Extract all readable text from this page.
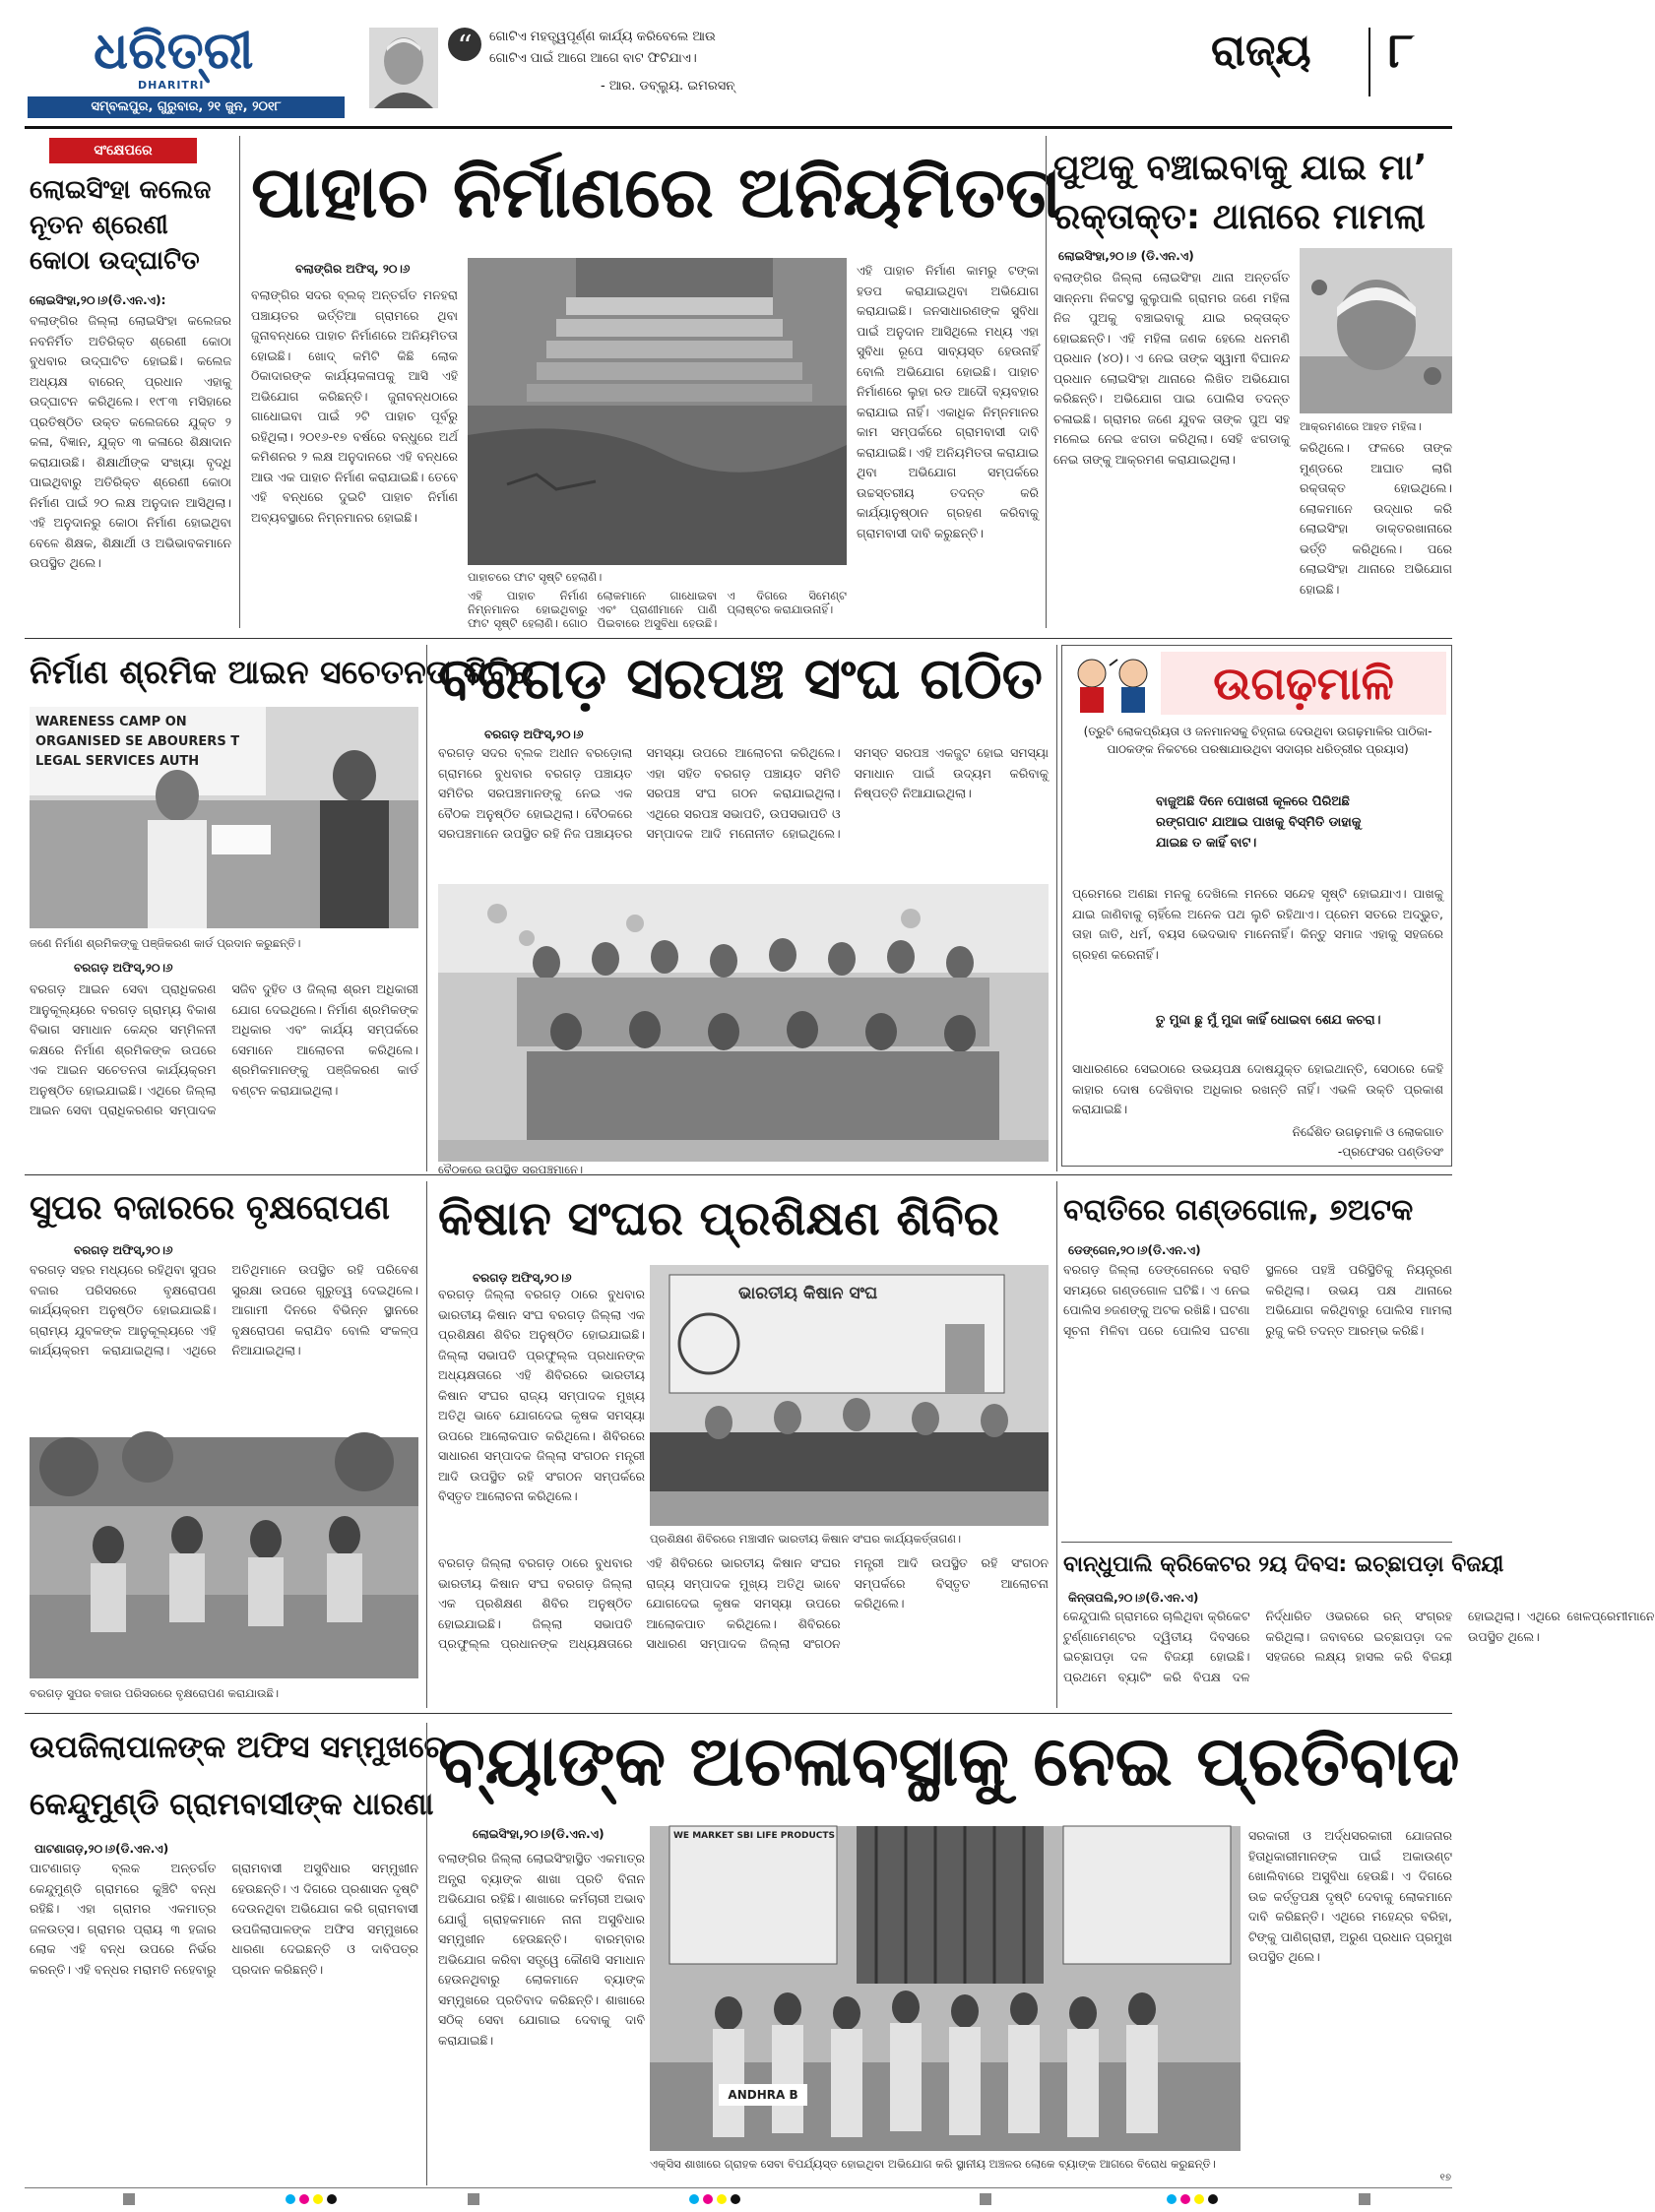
ଧରିତ୍ରୀ
DHARITRI
ସମ୍ବଲପୁର, ଗୁରୁବାର, ୨୧ ଜୁନ, ୨୦୧୮
“	ଗୋଟିଏ ମହତ୍ତ୍ୱପୂର୍ଣ୍ଣ କାର୍ଯ୍ୟ କରିବେଲେ ଆଉ
ଗୋଟିଏ ପାଇଁ ଆଗେ ଆଗେ ବାଟ ଫିଟିଯାଏ।
- ଆର. ଡବ୍ଲ୍ୟୁ. ଇମରସନ୍
ରାଜ୍ୟ ୮
ସଂକ୍ଷେପରେ
ଲୋଇସିଂହା କଲେଜ ନୂତନ ଶ୍ରେଣୀ କୋଠା ଉଦ୍‌ଘାଟିତ
ଲୋଇସିଂହା,୨୦।୬(ଡି.ଏନ.ଏ):
ବଲାଙ୍ଗିର ଜିଲ୍ଲା ଲୋଇସିଂହା କଲେଜର ନବନିର୍ମିତ ଅତିରିକ୍ତ ଶ୍ରେଣୀ କୋଠା ବୁଧବାର ଉଦ୍‌ଘାଟିତ ହୋଇଛି। କଲେଜ ଅଧ୍ୟକ୍ଷ ବାରେନ୍ ପ୍ରଧାନ ଏହାକୁ ଉଦ୍‌ଘାଟନ କରିଥିଲେ। ୧୯୮୩ ମସିହାରେ ପ୍ରତିଷ୍ଠିତ ଉକ୍ତ କଲେଜରେ ଯୁକ୍ତ ୨ କଳା, ବିଜ୍ଞାନ, ଯୁକ୍ତ ୩ କଳାରେ ଶିକ୍ଷାଦାନ କରାଯାଉଛି। ଶିକ୍ଷାର୍ଥୀଙ୍କ ସଂଖ୍ୟା ବୃଦ୍ଧି ପାଇଥିବାରୁ ଅତିରିକ୍ତ ଶ୍ରେଣୀ କୋଠା ନିର୍ମାଣ ପାଇଁ ୨୦ ଲକ୍ଷ ଅନୁଦାନ ଆସିଥିଲା। ଏହି ଅନୁଦାନରୁ କୋଠା ନିର୍ମାଣ ହୋଇଥିବା ବେଳେ ଶିକ୍ଷକ, ଶିକ୍ଷାର୍ଥୀ ଓ ଅଭିଭାବକମାନେ ଉପସ୍ଥିତ ଥିଲେ।
ପାହାଚ ନିର୍ମାଣରେ ଅନିୟମିତତା
ବଲାଙ୍ଗିର ଅଫିସ୍, ୨୦।୬
ବଲାଙ୍ଗିର ସଦର ବ୍ଲକ୍ ଅନ୍ତର୍ଗତ ମନହରା ପଞ୍ଚାୟତର ଭର୍ତ୍ତିଆ ଗ୍ରାମରେ ଥିବା ଜୁନାବନ୍ଧରେ ପାହାଚ ନିର୍ମାଣରେ ଅନିୟମିତତା ହୋଇଛି। ଖୋଦ୍ କମିଟି କିଛି ଲୋକ ଠିକାଦାରଙ୍କ କାର୍ଯ୍ୟକଳାପକୁ ଆସି ଏହି ଅଭିଯୋଗ କରିଛନ୍ତି। ଜୁନାବନ୍ଧଠାରେ ଗାଧୋଇବା ପାଇଁ ୨ଟି ପାହାଚ ପୂର୍ବରୁ ରହିଥିଲା। ୨୦୧୬-୧୭ ବର୍ଷରେ ବନ୍ଧୁରେ ଅର୍ଥ କମିଶନର ୨ ଲକ୍ଷ ଅନୁଦାନରେ ଏହି ବନ୍ଧରେ ଆଉ ଏକ ପାହାଚ ନିର୍ମାଣ କରାଯାଇଛି। ତେବେ ଏହି ବନ୍ଧରେ ଦୁଇଟି ପାହାଚ ନିର୍ମାଣ ଅବ୍ୟବସ୍ଥାରେ ନିମ୍ନମାନର ହୋଇଛି।
ପାହାଚରେ ଫାଟ ସୃଷ୍ଟି ହେଲାଣି।
ଏହି ପାହାଚ ନିର୍ମାଣ ନିମ୍ନମାନର ହୋଇଥିବାରୁ ଫାଟ ସୃଷ୍ଟି ହେଲାଣି। ଗୋଠ ଲୋକମାନେ ଗାଧୋଇବା ଏବଂ ପ୍ରାଣୀମାନେ ପାଣି ପିଇବାରେ ଅସୁବିଧା ହେଉଛି। ଏ ଦିଗରେ ସିମେଣ୍ଟ ପ୍ଲାଷ୍ଟର କରାଯାଉନାହିଁ।
ଏହି ପାହାଚ ନିର୍ମାଣ କାମରୁ ଟଙ୍କା ହଡପ କରାଯାଇଥିବା ଅଭିଯୋଗ କରାଯାଇଛି। ଜନସାଧାରଣଙ୍କ ସୁବିଧା ପାଇଁ ଅନୁଦାନ ଆସିଥିଲେ ମଧ୍ୟ ଏହା ସୁବିଧା ରୂପେ ସାବ୍ୟସ୍ତ ହେଉନାହିଁ ବୋଲି ଅଭିଯୋଗ ହୋଇଛି। ପାହାଚ ନିର୍ମାଣରେ ଲୁହା ରଡ ଆଦୌ ବ୍ୟବହାର କରାଯାଇ ନାହିଁ। ଏକାଧିକ ନିମ୍ନମାନର କାମ ସମ୍ପର୍କରେ ଗ୍ରାମବାସୀ ଦାବି କରାଯାଇଛି। ଏହି ଅନିୟମିତତା କରାଯାଇ ଥିବା ଅଭିଯୋଗ ସମ୍ପର୍କରେ ଉଚ୍ଚସ୍ତରୀୟ ତଦନ୍ତ କରି କାର୍ଯ୍ୟାନୁଷ୍ଠାନ ଗ୍ରହଣ କରିବାକୁ ଗ୍ରାମବାସୀ ଦାବି କରୁଛନ୍ତି।
ପୁଅକୁ ବଞ୍ଚାଇବାକୁ ଯାଇ ମା’
ରକ୍ତାକ୍ତ: ଥାନାରେ ମାମଲା
ଲୋଇସିଂହା,୨୦।୬ (ଡି.ଏନ.ଏ)
ବଲାଙ୍ଗିର ଜିଲ୍ଲା ଲୋଇସିଂହା ଥାନା ଅନ୍ତର୍ଗତ ସାନ୍ନମା ନିକଟସ୍ଥ କୁଲୁପାଲି ଗ୍ରାମର ଜଣେ ମହିଳା ନିଜ ପୁଅକୁ ବଞ୍ଚାଇବାକୁ ଯାଇ ରକ୍ତାକ୍ତ ହୋଇଛନ୍ତି। ଏହି ମହିଳା ଜଣକ ହେଲେ ଧନମଣି ପ୍ରଧାନ (୪୦)। ଏ ନେଇ ତାଙ୍କ ସ୍ୱାମୀ ବିଘାନନ୍ଦ ପ୍ରଧାନ ଲୋଇସିଂହା ଥାନାରେ ଲିଖିତ ଅଭିଯୋଗ କରିଛନ୍ତି। ଅଭିଯୋଗ ପାଇ ପୋଲିସ ତଦନ୍ତ ଚଳାଇଛି। ଗ୍ରାମର ଜଣେ ଯୁବକ ତାଙ୍କ ପୁଅ ସହ ମଲେଇ ନେଇ ଝଗଡା କରିଥିଲା। ସେହି ଝଗଡାକୁ ନେଇ ତାଙ୍କୁ ଆକ୍ରମଣ କରାଯାଇଥିଲା।
ଆକ୍ରମଣରେ ଆହତ ମହିଳା।
କରିଥିଲେ। ଫଳରେ ତାଙ୍କ ମୁଣ୍ଡରେ ଆଘାତ ଲାଗି ରକ୍ତାକ୍ତ ହୋଇଥିଲେ। ଲୋକମାନେ ଉଦ୍ଧାର କରି ଲୋଇସିଂହା ଡାକ୍ତରଖାନାରେ ଭର୍ତ୍ତି କରିଥିଲେ। ପରେ ଲୋଇସିଂହା ଥାନାରେ ଅଭିଯୋଗ ହୋଇଛି।
ନିର୍ମାଣ ଶ୍ରମିକ ଆଇନ ସଚେତନତା ଶିବିର
WARENESS CAMP ON ORGANISED SE ABOURERS T LEGAL SERVICES AUTH
ଜଣେ ନିର୍ମାଣ ଶ୍ରମିକଙ୍କୁ ପଞ୍ଜିକରଣ କାର୍ଡ ପ୍ରଦାନ କରୁଛନ୍ତି।
ବରଗଡ଼ ଅଫିସ୍,୨୦।୬
ବରଗଡ଼ ଆଇନ ସେବା ପ୍ରାଧିକରଣ ଆନୁକୂଲ୍ୟରେ ବରଗଡ଼ ଗ୍ରାମ୍ୟ ବିକାଶ ବିଭାଗ ସମାଧାନ କେନ୍ଦ୍ର ସମ୍ମିଳନୀ କକ୍ଷରେ ନିର୍ମାଣ ଶ୍ରମିକଙ୍କ ଉପରେ ଏକ ଆଇନ ସଚେତନତା କାର୍ଯ୍ୟକ୍ରମ ଅନୁଷ୍ଠିତ ହୋଇଯାଇଛି। ଏଥିରେ ଜିଲ୍ଲା ଆଇନ ସେବା ପ୍ରାଧିକରଣର ସମ୍ପାଦକ ସଜିବ ଦୁହିତ ଓ ଜିଲ୍ଲା ଶ୍ରମ ଅଧିକାରୀ ଯୋଗ ଦେଇଥିଲେ। ନିର୍ମାଣ ଶ୍ରମିକଙ୍କ ଅଧିକାର ଏବଂ କାର୍ଯ୍ୟ ସମ୍ପର୍କରେ ସେମାନେ ଆଲୋଚନା କରିଥିଲେ। ଶ୍ରମିକମାନଙ୍କୁ ପଞ୍ଜିକରଣ କାର୍ଡ ବଣ୍ଟନ କରାଯାଇଥିଲା।
ବରଗଡ଼ ସରପଞ୍ଚ ସଂଘ ଗଠିତ
ବରଗଡ଼ ଅଫିସ୍,୨୦।୬
ବରଗଡ଼ ସଦର ବ୍ଲକ ଅଧୀନ ବରଡ଼ୋଲା ଗ୍ରାମରେ ବୁଧବାର ବରଗଡ଼ ପଞ୍ଚାୟତ ସମିତିର ସରପଞ୍ଚମାନଙ୍କୁ ନେଇ ଏକ ବୈଠକ ଅନୁଷ୍ଠିତ ହୋଇଥିଲା। ବୈଠକରେ ସରପଞ୍ଚମାନେ ଉପସ୍ଥିତ ରହି ନିଜ ପଞ୍ଚାୟତର ସମସ୍ୟା ଉପରେ ଆଲୋଚନା କରିଥିଲେ। ଏହା ସହିତ ବରଗଡ଼ ପଞ୍ଚାୟତ ସମିତି ସରପଞ୍ଚ ସଂଘ ଗଠନ କରାଯାଇଥିଲା। ଏଥିରେ ସରପଞ୍ଚ ସଭାପତି, ଉପସଭାପତି ଓ ସମ୍ପାଦକ ଆଦି ମନୋନୀତ ହୋଇଥିଲେ। ସମସ୍ତ ସରପଞ୍ଚ ଏକଜୁଟ ହୋଇ ସମସ୍ୟା ସମାଧାନ ପାଇଁ ଉଦ୍ୟମ କରିବାକୁ ନିଷ୍ପତ୍ତି ନିଆଯାଇଥିଲା।
ବୈଠକରେ ଉପସ୍ଥିତ ସରପଞ୍ଚମାନେ।
ଉଗଢ଼ମାଳି
(ତ୍ରୁଟି ଲୋକପ୍ରିୟତା ଓ ଜନମାନସକୁ ଚିହ୍ନାଇ ଦେଉଥିବା ଉଗଢ଼ମାଳିର ପାଠିକା-ପାଠକଙ୍କ ନିକଟରେ ପରଷାଯାଉଥିବା ସଦାଚାର ଧରିତ୍ରୀର ପ୍ରୟାସ)
ବାଜୁଅଛି ଦିନେ ପୋଖରୀ କୂଳରେ ପିରିଅଛି ରଙ୍ଗପାଟ ଯାଆଇ ପାଖକୁ ବିସ୍ମିତି ଡାହାକୁ ଯାଇଛ ତ କାହିଁ ବାଟ।
ପ୍ରେମରେ ଅଣଛା ମନକୁ ଦେଖିଲେ ମନରେ ସନ୍ଦେହ ସୃଷ୍ଟି ହୋଇଯାଏ। ପାଖକୁ ଯାଇ ଜାଣିବାକୁ ଚାହିଁଲେ ଅନେକ ପଥ ଲୁଚି ରହିଥାଏ। ପ୍ରେମ ସତରେ ଅଦ୍ଭୁତ, ତାହା ଜାତି, ଧର୍ମ, ବୟସ ଭେଦଭାବ ମାନେନାହିଁ। କିନ୍ତୁ ସମାଜ ଏହାକୁ ସହଜରେ ଗ୍ରହଣ କରେନାହିଁ।
ତୁ ମୁଦ୍ଦା ଛୁ ମୁଁ ମୁଦ୍ଦା କାହିଁ ଧୋଇବା ଶେଯ କଚରା।
ସାଧାରଣରେ ସେଇଠାରେ ଉଭୟପକ୍ଷ ଦୋଷଯୁକ୍ତ ହୋଇଥାନ୍ତି, ସେଠାରେ କେହି କାହାର ଦୋଷ ଦେଖିବାର ଅଧିକାର ରଖନ୍ତି ନାହିଁ। ଏଭଳି ଉକ୍ତି ପ୍ରକାଶ କରାଯାଇଛି।
ନିର୍ଦ୍ଦେଶିତ ଉଗଢ଼ମାଳି ଓ ଲୋକଗାତ
-ପ୍ରଫେସର ପଣ୍ଡିତସଂ
ସୁପର ବଜାରରେ ବୃକ୍ଷରୋପଣ
ବରଗଡ଼ ଅଫିସ୍,୨୦।୬
ବରଗଡ଼ ସହର ମଧ୍ୟରେ ରହିଥିବା ସୁପର ବଜାର ପରିସରରେ ବୃକ୍ଷରୋପଣ କାର୍ଯ୍ୟକ୍ରମ ଅନୁଷ୍ଠିତ ହୋଇଯାଇଛି। ଗ୍ରାମ୍ୟ ଯୁବକଙ୍କ ଆନୁକୂଲ୍ୟରେ ଏହି କାର୍ଯ୍ୟକ୍ରମ କରାଯାଇଥିଲା। ଏଥିରେ ଅତିଥିମାନେ ଉପସ୍ଥିତ ରହି ପରିବେଶ ସୁରକ୍ଷା ଉପରେ ଗୁରୁତ୍ୱ ଦେଇଥିଲେ। ଆଗାମୀ ଦିନରେ ବିଭିନ୍ନ ସ୍ଥାନରେ ବୃକ୍ଷରୋପଣ କରାଯିବ ବୋଲି ସଂକଳ୍ପ ନିଆଯାଇଥିଲା।
ବରଗଡ଼ ସୁପର ବଜାର ପରିସରରେ ବୃକ୍ଷରୋପଣ କରାଯାଉଛି।
କିଷାନ ସଂଘର ପ୍ରଶିକ୍ଷଣ ଶିବିର
ବରଗଡ଼ ଅଫିସ୍,୨୦।୬
ବରଗଡ଼ ଜିଲ୍ଲା ବରଗଡ଼ ଠାରେ ବୁଧବାର ଭାରତୀୟ କିଷାନ ସଂଘ ବରଗଡ଼ ଜିଲ୍ଲା ଏକ ପ୍ରଶିକ୍ଷଣ ଶିବିର ଅନୁଷ୍ଠିତ ହୋଇଯାଇଛି। ଜିଲ୍ଲା ସଭାପତି ପ୍ରଫୁଲ୍ଲ ପ୍ରଧାନଙ୍କ ଅଧ୍ୟକ୍ଷତାରେ ଏହି ଶିବିରରେ ଭାରତୀୟ କିଷାନ ସଂଘର ରାଜ୍ୟ ସମ୍ପାଦକ ମୁଖ୍ୟ ଅତିଥି ଭାବେ ଯୋଗଦେଇ କୃଷକ ସମସ୍ୟା ଉପରେ ଆଲୋକପାତ କରିଥିଲେ। ଶିବିରରେ ସାଧାରଣ ସମ୍ପାଦକ ଜିଲ୍ଲା ସଂଗଠନ ମନ୍ତ୍ରୀ ଆଦି ଉପସ୍ଥିତ ରହି ସଂଗଠନ ସମ୍ପର୍କରେ ବିସ୍ତୃତ ଆଲୋଚନା କରିଥିଲେ।
ଭାରତୀୟ କିଷାନ ସଂଘ
ପ୍ରଶିକ୍ଷଣ ଶିବିରରେ ମଞ୍ଚାସୀନ ଭାରତୀୟ କିଷାନ ସଂଘର କାର୍ଯ୍ୟକର୍ତ୍ତାଗଣ।
ବରଗଡ଼ ଜିଲ୍ଲା ବରଗଡ଼ ଠାରେ ବୁଧବାର ଭାରତୀୟ କିଷାନ ସଂଘ ବରଗଡ଼ ଜିଲ୍ଲା ଏକ ପ୍ରଶିକ୍ଷଣ ଶିବିର ଅନୁଷ୍ଠିତ ହୋଇଯାଇଛି। ଜିଲ୍ଲା ସଭାପତି ପ୍ରଫୁଲ୍ଲ ପ୍ରଧାନଙ୍କ ଅଧ୍ୟକ୍ଷତାରେ ଏହି ଶିବିରରେ ଭାରତୀୟ କିଷାନ ସଂଘର ରାଜ୍ୟ ସମ୍ପାଦକ ମୁଖ୍ୟ ଅତିଥି ଭାବେ ଯୋଗଦେଇ କୃଷକ ସମସ୍ୟା ଉପରେ ଆଲୋକପାତ କରିଥିଲେ। ଶିବିରରେ ସାଧାରଣ ସମ୍ପାଦକ ଜିଲ୍ଲା ସଂଗଠନ ମନ୍ତ୍ରୀ ଆଦି ଉପସ୍ଥିତ ରହି ସଂଗଠନ ସମ୍ପର୍କରେ ବିସ୍ତୃତ ଆଲୋଚନା କରିଥିଲେ।
ବରାତିରେ ଗଣ୍ଡଗୋଳ, ୭ଅଟକ
ଡେଙ୍ଗେନ,୨୦।୬(ଡି.ଏନ.ଏ)
ବରଗଡ଼ ଜିଲ୍ଲା ଡେଙ୍ଗେନରେ ବରାତି ସମୟରେ ଗଣ୍ଡଗୋଳ ଘଟିଛି। ଏ ନେଇ ପୋଲିସ ୭ଜଣଙ୍କୁ ଅଟକ ରଖିଛି। ଘଟଣା ସୂଚନା ମିଳିବା ପରେ ପୋଲିସ ଘଟଣା ସ୍ଥଳରେ ପହଞ୍ଚି ପରିସ୍ଥିତିକୁ ନିୟନ୍ତ୍ରଣ କରିଥିଲା। ଉଭୟ ପକ୍ଷ ଥାନାରେ ଅଭିଯୋଗ କରିଥିବାରୁ ପୋଲିସ ମାମଲା ରୁଜୁ କରି ତଦନ୍ତ ଆରମ୍ଭ କରିଛି।
ବାନ୍ଧୁପାଲି କ୍ରିକେଟର ୨ୟ ଦିବସ: ଇଚ୍ଛାପଡ଼ା ବିଜୟୀ
କିନ୍ତାପଲି,୨୦।୬(ଡି.ଏନ.ଏ)
କେନ୍ଦୁପାଲି ଗ୍ରାମରେ ଚାଲିଥିବା କ୍ରିକେଟ ଟୁର୍ଣ୍ଣାମେଣ୍ଟର ଦ୍ୱିତୀୟ ଦିବସରେ ଇଚ୍ଛାପଡ଼ା ଦଳ ବିଜୟୀ ହୋଇଛି। ପ୍ରଥମେ ବ୍ୟାଟିଂ କରି ବିପକ୍ଷ ଦଳ ନିର୍ଦ୍ଧାରିତ ଓଭରରେ ରନ୍ ସଂଗ୍ରହ କରିଥିଲା। ଜବାବରେ ଇଚ୍ଛାପଡ଼ା ଦଳ ସହଜରେ ଲକ୍ଷ୍ୟ ହାସଲ କରି ବିଜୟୀ ହୋଇଥିଲା। ଏଥିରେ ଖେଳପ୍ରେମୀମାନେ ଉପସ୍ଥିତ ଥିଲେ।
ଉପଜିଲାପାଳଙ୍କ ଅଫିସ ସମ୍ମୁଖରେ
କେନ୍ଦୁମୁଣ୍ଡି ଗ୍ରାମବାସୀଙ୍କ ଧାରଣା
ପାଟଣାଗଡ଼,୨୦।୬(ଡି.ଏନ.ଏ)
ପାଟଣାଗଡ଼ ବ୍ଲକ ଅନ୍ତର୍ଗତ କେନ୍ଦୁମୁଣ୍ଡି ଗ୍ରାମରେ କୁଞ୍ଚିଟି ବନ୍ଧ ରହିଛି। ଏହା ଗ୍ରାମର ଏକମାତ୍ର ଜଳଉତ୍ସ। ଗ୍ରାମର ପ୍ରାୟ ୩ ହଜାର ଲୋକ ଏହି ବନ୍ଧ ଉପରେ ନିର୍ଭର କରନ୍ତି। ଏହି ବନ୍ଧର ମରାମତି ନହେବାରୁ ଗ୍ରାମବାସୀ ଅସୁବିଧାର ସମ୍ମୁଖୀନ ହେଉଛନ୍ତି। ଏ ଦିଗରେ ପ୍ରଶାସନ ଦୃଷ୍ଟି ଦେଉନଥିବା ଅଭିଯୋଗ କରି ଗ୍ରାମବାସୀ ଉପଜିଲାପାଳଙ୍କ ଅଫିସ ସମ୍ମୁଖରେ ଧାରଣା ଦେଇଛନ୍ତି ଓ ଦାବିପତ୍ର ପ୍ରଦାନ କରିଛନ୍ତି।
ବ୍ୟାଙ୍କ ଅଚଳାବସ୍ଥାକୁ ନେଇ ପ୍ରତିବାଦ
ଲୋଇସିଂହା,୨୦।୬(ଡି.ଏନ.ଏ)
ବଲାଙ୍ଗିର ଜିଲ୍ଲା ଲୋଇସିଂହାସ୍ଥିତ ଏକମାତ୍ର ଅନ୍ଧ୍ରା ବ୍ୟାଙ୍କ ଶାଖା ପ୍ରତି ବିନାନ ଅଭିଯୋଗ ରହିଛି। ଶାଖାରେ କର୍ମଚାରୀ ଅଭାବ ଯୋଗୁଁ ଗ୍ରାହକମାନେ ନାନା ଅସୁବିଧାର ସମ୍ମୁଖୀନ ହେଉଛନ୍ତି। ବାରମ୍ବାର ଅଭିଯୋଗ କରିବା ସତ୍ତ୍ୱେ କୌଣସି ସମାଧାନ ହେଉନଥିବାରୁ ଲୋକମାନେ ବ୍ୟାଙ୍କ ସମ୍ମୁଖରେ ପ୍ରତିବାଦ କରିଛନ୍ତି। ଶାଖାରେ ସଠିକ୍ ସେବା ଯୋଗାଇ ଦେବାକୁ ଦାବି କରାଯାଇଛି।
WE MARKET SBI LIFE PRODUCTS
ANDHRA B
ଏକ୍ସିସ ଶାଖାରେ ଗ୍ରାହକ ସେବା ବିପର୍ଯ୍ୟସ୍ତ ହୋଇଥିବା ଅଭିଯୋଗ କରି ସ୍ଥାନୀୟ ଅଞ୍ଚଳର ଲୋକେ ବ୍ୟାଙ୍କ ଆଗରେ ବିରୋଧ କରୁଛନ୍ତି।
ସରକାରୀ ଓ ଅର୍ଦ୍ଧସରକାରୀ ଯୋଜନାର ହିତାଧିକାରୀମାନଙ୍କ ପାଇଁ ଅକାଉଣ୍ଟ ଖୋଲିବାରେ ଅସୁବିଧା ହେଉଛି। ଏ ଦିଗରେ ଉଚ୍ଚ କର୍ତ୍ତୃପକ୍ଷ ଦୃଷ୍ଟି ଦେବାକୁ ଲୋକମାନେ ଦାବି କରିଛନ୍ତି। ଏଥିରେ ମହେନ୍ଦ୍ର ବରିହା, ଟିଙ୍କୁ ପାଣିଗ୍ରାହୀ, ଅରୁଣ ପ୍ରଧାନ ପ୍ରମୁଖ ଉପସ୍ଥିତ ଥିଲେ।
୧୭
